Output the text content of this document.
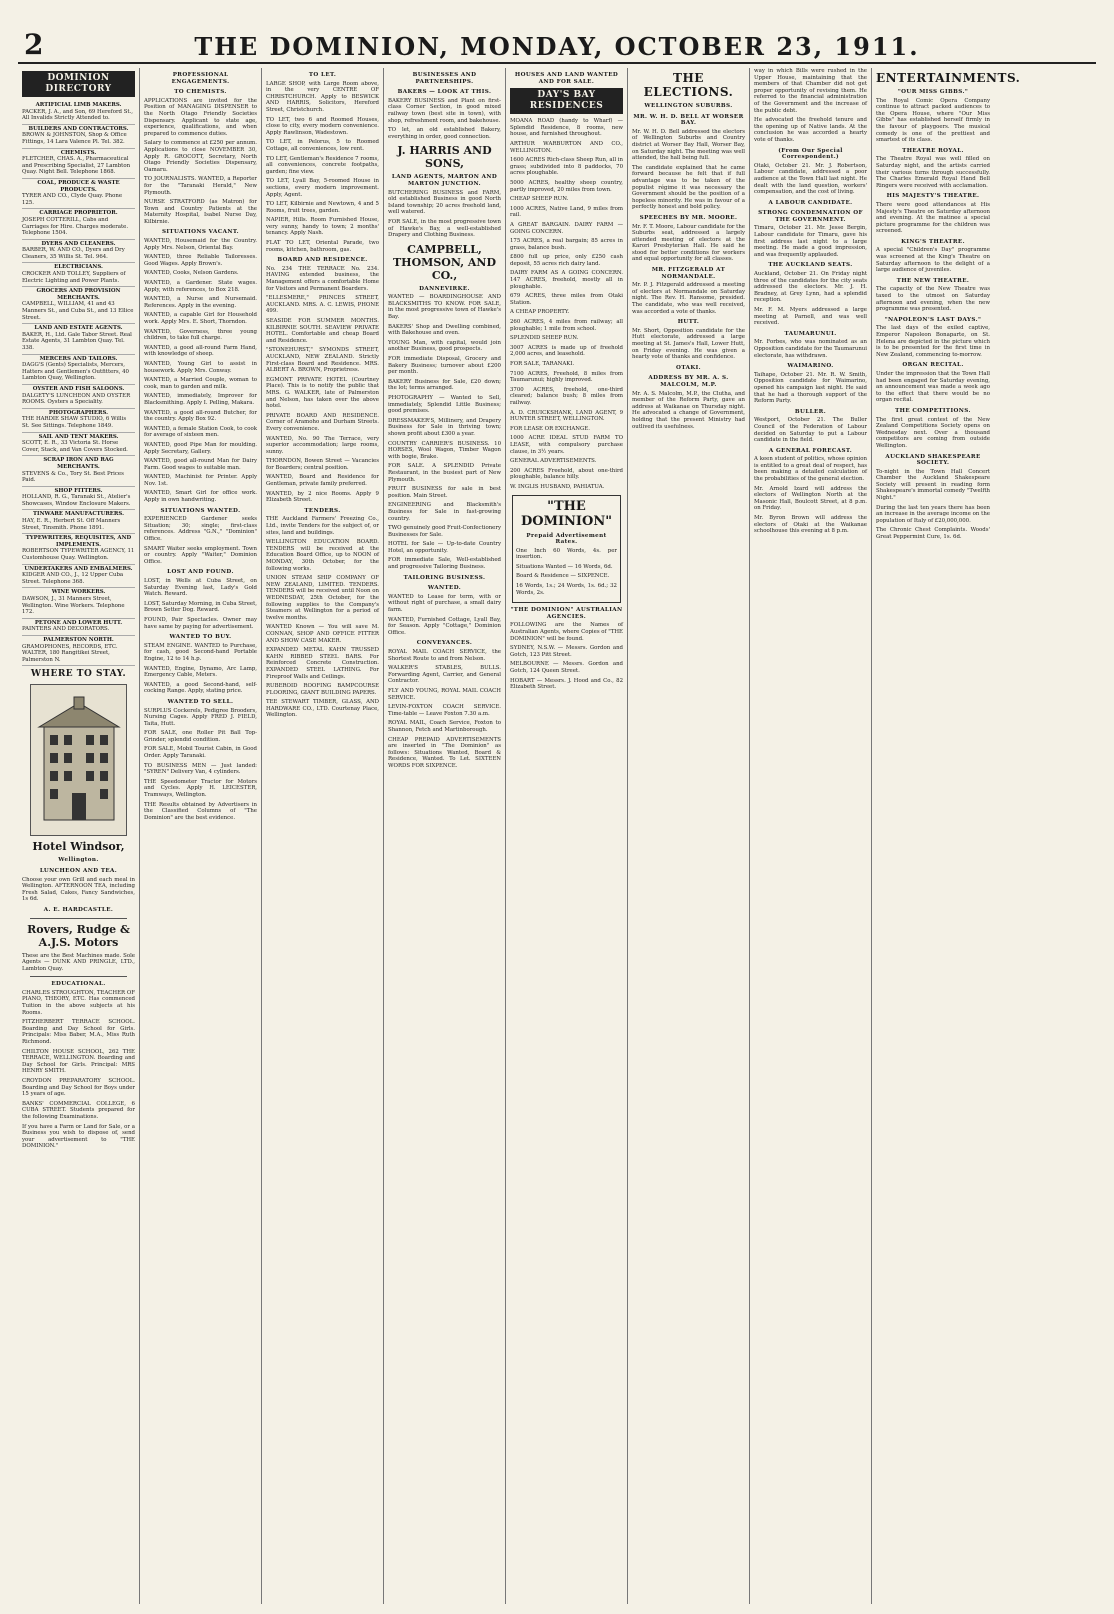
2	THE DOMINION, MONDAY, OCTOBER 23, 1911.
DOMINION DIRECTORY
ARTIFICIAL LIMB MAKERS.
PACKER, J. A., and Son, 69 Hereford St., All Invalids Strictly Attended to.
BUILDERS AND CONTRACTORS.
BROWN & JOHNSTON, Shop & Office Fittings, 14 Lara Valence Pl. Tel. 382.
CHEMISTS.
FLETCHER, CHAS. A., Pharmaceutical and Prescribing Specialist, 27 Lambton Quay. Night Bell. Telephone 1868.
COAL, PRODUCE & WASTE PRODUCTS.
TYRER AND CO., Clyde Quay. Phone 125.
CARRIAGE PROPRIETOR.
JOSEPH COTTERILL, Cabs and Carriages for Hire. Charges moderate. Telephone 1504.
DYERS AND CLEANERS.
BARBER, W. AND CO., Dyers and Dry Cleaners, 35 Willis St. Tel. 964.
ELECTRICIANS.
CROCKER AND TOLLEY, Suppliers of Electric Lighting and Power Plants.
GROCERS AND PROVISION MERCHANTS.
CAMPBELL, WILLIAM, 41 and 43 Manners St., and Cuba St., and 13 Ellice Street.
LAND AND ESTATE AGENTS.
BAKER, H., Ltd. Gale Tabor Street. Real Estate Agents, 31 Lambton Quay. Tel. 338.
MERCERS AND TAILORS.
DAGG'S (Gents) Specialists, Mercers, Hatters and Gentlemen's Outfitters, 40 Lambton Quay, Wellington.
OYSTER AND FISH SALOONS.
DALGETY'S LUNCHEON AND OYSTER ROOMS. Oysters a Speciality.
PHOTOGRAPHERS.
THE HARDIE SHAW STUDIO, 6 Willis St. See Sittings. Telephone 1849.
SAIL AND TENT MAKERS.
SCOTT, E. R., 33 Victoria St. Horse Cover, Stack, and Van Covers Stocked.
SCRAP IRON AND RAG MERCHANTS.
STEVENS & Co., Tory St. Best Prices Paid.
SHOP FITTERS.
HOLLAND, R. G., Taranaki St., Atelier's Showcases, Window Enclosure Makers.
TINWARE MANUFACTURERS.
HAY, E. R., Herbert St. Off Manners Street, Tinsmith. Phone 1891.
TYPEWRITERS, REQUISITES, AND IMPLEMENTS.
ROBERTSON TYPEWRITER AGENCY, 11 Customhouse Quay. Wellington.
UNDERTAKERS AND EMBALMERS.
KIDGER AND CO., J., 12 Upper Cuba Street. Telephone 368.
WINE WORKERS.
DAWSON, J., 31 Manners Street, Wellington. Wine Workers. Telephone 172.
PETONE AND LOWER HUTT.
PAINTERS AND DECORATORS.
PALMERSTON NORTH.
GRAMOPHONES, RECORDS, ETC. WALTER, 180 Rangitikei Street, Palmerston N.
WHERE TO STAY.
Hotel Windsor,
Wellington.
LUNCHEON AND TEA.
Choose your own Grill and each meal in Wellington. AFTERNOON TEA, including Fresh Salad, Cakes, Fancy Sandwiches, 1s 6d.
A. E. HARDCASTLE.
Rovers, Rudge & A.J.S. Motors
These are the Best Machines made. Sole Agents — DUNK AND PRINGLE, LTD., Lambton Quay.
EDUCATIONAL.
CHARLES STROUGHTON, TEACHER OF PIANO, THEORY, ETC. Has commenced Tuition in the above subjects at his Rooms.
FITZHERBERT TERRACE SCHOOL. Boarding and Day School for Girls. Principals: Miss Baber, M.A., Miss Ruth Richmond.
CHILTON HOUSE SCHOOL, 262 THE TERRACE, WELLINGTON. Boarding and Day School for Girls. Principal: MRS HENRY SMITH.
CROYDON PREPARATORY SCHOOL. Boarding and Day School for Boys under 15 years of age.
BANKS' COMMERCIAL COLLEGE, 6 CUBA STREET. Students prepared for the following Examinations.
If you have a Farm or Land for Sale, or a Business you wish to dispose of, send your advertisement to "THE DOMINION."
PROFESSIONAL ENGAGEMENTS.
TO CHEMISTS.
APPLICATIONS are invited for the Position of MANAGING DISPENSER to the North Otago Friendly Societies Dispensary. Applicant to state age, experience, qualifications, and when prepared to commence duties.
Salary to commence at £250 per annum. Applications to close NOVEMBER 30, Apply R. GROCOTT, Secretary, North Otago Friendly Societies Dispensary, Oamaru.
TO JOURNALISTS. WANTED, a Reporter for the "Taranaki Herald," New Plymouth.
NURSE STRATFORD (as Matron) for Town and Country Patients at the Maternity Hospital, Isabel Nurse Day, Kilbirnie.
SITUATIONS VACANT.
WANTED, Housemaid for the Country. Apply Mrs. Nelson, Oriental Bay.
WANTED, three Reliable Tailoresses. Good Wages. Apply Brown's.
WANTED, Cooks, Nelson Gardens.
WANTED, a Gardener. State wages. Apply, with references, to Box 218.
WANTED, a Nurse and Nursemaid. References. Apply in the evening.
WANTED, a capable Girl for Household work. Apply Mrs. E. Short, Thorndon.
WANTED, Governess, three young children, to take full charge.
WANTED, a good all-round Farm Hand, with knowledge of sheep.
WANTED, Young Girl to assist in housework. Apply Mrs. Conway.
WANTED, a Married Couple, woman to cook, man to garden and milk.
WANTED, immediately, Improver for Blacksmithing. Apply I. Pelling, Makara.
WANTED, a good all-round Butcher, for the country. Apply Box 92.
WANTED, a female Station Cook, to cook for average of sixteen men.
WANTED, good Pipe Man for moulding. Apply Secretary, Gallery.
WANTED, good all-round Man for Dairy Farm. Good wages to suitable man.
WANTED, Machinist for Printer. Apply Nov. 1st.
WANTED, Smart Girl for office work. Apply in own handwriting.
SITUATIONS WANTED.
EXPERIENCED Gardener seeks Situation; 30; single; first-class references. Address "G.N.," "Dominion" Office.
SMART Waiter seeks employment. Town or country. Apply "Waiter," Dominion Office.
LOST AND FOUND.
LOST, in Wells at Cuba Street, on Saturday Evening last, Lady's Gold Watch. Reward.
LOST, Saturday Morning, in Cuba Street, Brown Setter Dog. Reward.
FOUND, Pair Spectacles. Owner may have same by paying for advertisement.
WANTED TO BUY.
STEAM ENGINE. WANTED to Purchase, for cash, good Second-hand Portable Engine, 12 to 14 h.p.
WANTED, Engine, Dynamo, Arc Lamp, Emergency Cable, Meters.
WANTED, a good Second-hand, self-cocking Range. Apply, stating price.
WANTED TO SELL.
SURPLUS Cockerels, Pedigree Brooders, Nursing Cages. Apply FRED J. FIELD, Taita, Hutt.
FOR SALE, one Roller Pit Ball Top-Grinder, splendid condition.
FOR SALE, Mobil Tourist Cabin, in Good Order. Apply Taranaki.
TO BUSINESS MEN — Just landed: "SYREN" Delivery Van, 4 cylinders.
THE Speedometer Tractor for Motors and Cycles. Apply H. LEICESTER, Tramways, Wellington.
THE Results obtained by Advertisers in the Classified Columns of "The Dominion" are the best evidence.
TO LET.
LARGE SHOP, with Large Room above, in the very CENTRE OF CHRISTCHURCH. Apply to BESWICK AND HARRIS, Solicitors, Hereford Street, Christchurch.
TO LET, two 6 and Roomed Houses, close to city, every modern convenience. Apply Rawlinson, Wadestown.
TO LET, in Pelorus, 5 to Roomed Cottage, all conveniences, low rent.
TO LET, Gentleman's Residence 7 rooms, all conveniences, concrete footpaths, garden; fine view.
TO LET, Lyall Bay, 5-roomed House in sections, every modern improvement. Apply, Agent.
TO LET, Kilbirnie and Newtown, 4 and 5 Rooms, fruit trees, garden.
NAPIER, Hills. Room Furnished House, very sunny, handy to town; 2 months' tenancy. Apply Nash.
FLAT TO LET, Oriental Parade, two rooms, kitchen, bathroom, gas.
BOARD AND RESIDENCE.
No. 234 THE TERRACE No. 234. HAVING extended business, the Management offers a comfortable Home for Visitors and Permanent Boarders.
"ELLESMERE," PRINCES STREET, AUCKLAND. MRS. A. C. LEWIS, PHONE 499.
SEASIDE FOR SUMMER MONTHS. KILBIRNIE SOUTH. SEAVIEW PRIVATE HOTEL. Comfortable and cheap Board and Residence.
"STONEHURST," SYMONDS STREET, AUCKLAND, NEW ZEALAND. Strictly First-class Board and Residence. MRS. ALBERT A. BROWN, Proprietress.
EGMONT PRIVATE HOTEL (Courtney Place). This is to notify the public that MRS. G. WALKER, late of Palmerston and Nelson, has taken over the above hotel.
PRIVATE BOARD AND RESIDENCE. Corner of Aramoho and Durham Streets. Every convenience.
WANTED, No. 90 The Terrace, very superior accommodation; large rooms, sunny.
THORNDON, Bowen Street — Vacancies for Boarders; central position.
WANTED, Board and Residence for Gentleman, private family preferred.
WANTED, by 2 nice Rooms. Apply 9 Elizabeth Street.
TENDERS.
THE Auckland Farmers' Freezing Co., Ltd., invite Tenders for the subject of, or sites, land and buildings.
WELLINGTON EDUCATION BOARD. TENDERS will be received at the Education Board Office, up to NOON of MONDAY, 30th October, for the following works.
UNION STEAM SHIP COMPANY OF NEW ZEALAND, LIMITED. TENDERS. TENDERS will be received until Noon on WEDNESDAY, 25th October, for the following supplies to the Company's Steamers at Wellington for a period of twelve months.
WANTED Known — You will save M. CONNAN, SHOP AND OFFICE FITTER AND SHOW CASE MAKER.
EXPANDED METAL KAHN TRUSSED KAHN RIBBED STEEL BARS. For Reinforced Concrete Construction. EXPANDED STEEL LATHING. For Fireproof Walls and Ceilings.
RUBEROID ROOFING BAMPCOURSE FLOORING, GIANT BUILDING PAPERS.
TEE STEWART TIMBER, GLASS, AND HARDWARE CO., LTD. Courtenay Place, Wellington.
BUSINESSES AND PARTNERSHIPS.
BAKERS — LOOK AT THIS.
BAKERY BUSINESS and Plant on first-class Corner Section, in good mixed railway town (best site in town), with shop, refreshment room, and bakehouse.
TO let, an old established Bakery, everything in order, good connection.
J. HARRIS AND SONS,
LAND AGENTS, MARTON AND MARTON JUNCTION.
BUTCHERING BUSINESS and FARM, old established Business in good North Island township; 20 acres freehold land, well watered.
FOR SALE, in the most progressive town of Hawke's Bay, a well-established Drapery and Clothing Business.
CAMPBELL, THOMSON, AND CO.,
DANNEVIRKE.
WANTED — BOARDINGHOUSE AND BLACKSMITHS TO KNOW. FOR SALE, in the most progressive town of Hawke's Bay.
BAKERS' Shop and Dwelling combined, with Bakehouse and oven.
YOUNG Man, with capital, would join another Business, good prospects.
FOR immediate Disposal, Grocery and Bakery Business; turnover about £200 per month.
BAKERY Business for Sale, £20 down; the lot; terms arranged.
PHOTOGRAPHY — Wanted to Sell, immediately, Splendid Little Business; good premises.
DRESSMAKER'S, Millinery, and Drapery Business for Sale in thriving town; shown profit about £300 a year.
COUNTRY CARRIER'S BUSINESS. 10 HORSES, Wool Wagon, Timber Wagon with bogie, Brake.
FOR SALE. A SPLENDID Private Restaurant, in the busiest part of New Plymouth.
FRUIT BUSINESS for sale in best position. Main Street.
ENGINEERING and Blacksmith's Business for Sale in fast-growing country.
TWO genuinely good Fruit-Confectionery Businesses for Sale.
HOTEL for Sale — Up-to-date Country Hotel, an opportunity.
FOR immediate Sale, Well-established and progressive Tailoring Business.
TAILORING BUSINESS.
WANTED.
WANTED to Lease for term, with or without right of purchase, a small dairy farm.
WANTED, Furnished Cottage, Lyall Bay, for Season. Apply "Cottage," Dominion Office.
CONVEYANCES.
ROYAL MAIL COACH SERVICE, the Shortest Route to and from Nelson.
WALKER'S STABLES, BULLS. Forwarding Agent, Carrier, and General Contractor.
FLY AND YOUNG, ROYAL MAIL COACH SERVICE.
LEVIN-FOXTON COACH SERVICE. Time-table — Leave Foxton 7.30 a.m.
ROYAL MAIL, Coach Service, Foxton to Shannon, Fetch and Martinborough.
CHEAP PREPAID ADVERTISEMENTS are inserted in "The Dominion" as follows: Situations Wanted, Board & Residence, Wanted. To Let. SIXTEEN WORDS FOR SIXPENCE.
HOUSES AND LAND WANTED AND FOR SALE.
DAY'S BAY RESIDENCES
MOANA ROAD (handy to Wharf) — Splendid Residence, 8 rooms, new house, and furnished throughout.
ARTHUR WARBURTON AND CO., WELLINGTON.
1600 ACRES Rich-class Sheep Run, all in grass; subdivided into 8 paddocks, 70 acres ploughable.
5000 ACRES, healthy sheep country, partly improved, 20 miles from town.
CHEAP SHEEP RUN.
1000 ACRES, Native Land, 9 miles from rail.
A GREAT BARGAIN. DAIRY FARM — GOING CONCERN.
175 ACRES, a real bargain; 85 acres in grass, balance bush.
£800 full up price, only £250 cash deposit, 55 acres rich dairy land.
DAIRY FARM AS A GOING CONCERN. 147 ACRES, freehold, mostly all in ploughable.
679 ACRES, three miles from Otaki Station.
A CHEAP PROPERTY.
260 ACRES, 4 miles from railway; all ploughable; 1 mile from school.
SPLENDID SHEEP RUN.
3007 ACRES is made up of freehold 2,000 acres, and leasehold.
FOR SALE, TARANAKI.
7100 ACRES, Freehold, 8 miles from Taumarunui; highly improved.
3700 ACRES, freehold, one-third cleared; balance bush; 8 miles from railway.
A. D. CRUICKSHANK, LAND AGENT, 9 HUNTER STREET, WELLINGTON.
FOR LEASE OR EXCHANGE.
1000 ACRE IDEAL STUD FARM TO LEASE, with compulsory purchase clause, in 3½ years.
GENERAL ADVERTISEMENTS.
200 ACRES Freehold, about one-third ploughable, balance hilly.
W. INGLIS HUSBAND, PAHIATUA.
"THE DOMINION"
Prepaid Advertisement Rates.
One Inch 60 Words, 4s. per insertion.
Situations Wanted — 16 Words, 6d.
Board & Residence — SIXPENCE.
16 Words, 1s.; 24 Words, 1s. 6d.; 32 Words, 2s.
"THE DOMINION" AUSTRALIAN AGENCIES.
FOLLOWING are the Names of Australian Agents, where Copies of "THE DOMINION" will be found.
SYDNEY, N.S.W. — Messrs. Gordon and Gotch, 123 Pitt Street.
MELBOURNE — Messrs. Gordon and Gotch, 124 Queen Street.
HOBART — Messrs. J. Hood and Co., 82 Elizabeth Street.
THE ELECTIONS.
WELLINGTON SUBURBS.
MR. W. H. D. BELL AT WORSER BAY.
Mr. W. H. D. Bell addressed the electors of Wellington Suburbs and Country district at Worser Bay Hall, Worser Bay, on Saturday night. The meeting was well attended, the hall being full.
The candidate explained that he came forward because he felt that if full advantage was to be taken of the populist régime it was necessary the Government should be the position of a hopeless minority. He was in favour of a perfectly honest and bold policy.
SPEECHES BY MR. MOORE.
Mr. F. T. Moore, Labour candidate for the Suburbs seat, addressed a largely attended meeting of electors at the Karori Presbyterian Hall. He said he stood for better conditions for workers and equal opportunity for all classes.
MR. FITZGERALD AT NORMANDALE.
Mr. P. J. Fitzgerald addressed a meeting of electors at Normandale on Saturday night. The Rev. H. Ransome, presided. The candidate, who was well received, was accorded a vote of thanks.
HUTT.
Mr. Short, Opposition candidate for the Hutt electorate, addressed a large meeting at St. James's Hall, Lower Hutt, on Friday evening. He was given a hearty vote of thanks and confidence.
OTAKI.
ADDRESS BY MR. A. S. MALCOLM, M.P.
Mr. A. S. Malcolm, M.P., the Clutha, and member of the Reform Party, gave an address at Waikanae on Thursday night. He advocated a change of Government, holding that the present Ministry had outlived its usefulness.
way in which Bills were rushed in the Upper House, maintaining that the members of that Chamber did not get proper opportunity of revising them. He referred to the financial administration of the Government and the increase of the public debt.
He advocated the freehold tenure and the opening up of Native lands. At the conclusion he was accorded a hearty vote of thanks.
(From Our Special Correspondent.)
Otaki, October 21. Mr. J. Robertson, Labour candidate, addressed a poor audience at the Town Hall last night. He dealt with the land question, workers' compensation, and the cost of living.
A LABOUR CANDIDATE.
STRONG CONDEMNATION OF THE GOVERNMENT.
Timaru, October 21. Mr. Jesse Bergin, Labour candidate for Timaru, gave his first address last night to a large meeting. He made a good impression, and was frequently applauded.
THE AUCKLAND SEATS.
Auckland, October 21. On Friday night three of the candidates for the city seats addressed the electors. Mr. J. H. Bradney, at Grey Lynn, had a splendid reception.
Mr. F. M. Myers addressed a large meeting at Parnell, and was well received.
TAUMARUNUI.
Mr. Forbes, who was nominated as an Opposition candidate for the Taumarunui electorate, has withdrawn.
WAIMARINO.
Taihape, October 21. Mr. R. W. Smith, Opposition candidate for Waimarino, opened his campaign last night. He said that he had a thorough support of the Reform Party.
BULLER.
Westport, October 21. The Buller Council of the Federation of Labour decided on Saturday to put a Labour candidate in the field.
A GENERAL FORECAST.
A keen student of politics, whose opinion is entitled to a great deal of respect, has been making a detailed calculation of the probabilities of the general election.
Mr. Arnold Izard will address the electors of Wellington North at the Masonic Hall, Boulcott Street, at 8 p.m. on Friday.
Mr. Byron Brown will address the electors of Otaki at the Waikanae schoolhouse this evening at 8 p.m.
ENTERTAINMENTS.
"OUR MISS GIBBS."
The Royal Comic Opera Company continue to attract packed audiences to the Opera House, where "Our Miss Gibbs" has established herself firmly in the favour of playgoers. The musical comedy is one of the prettiest and smartest of its class.
THEATRE ROYAL.
The Theatre Royal was well filled on Saturday night, and the artists carried their various turns through successfully. The Charles Emerald Royal Hand Bell Ringers were received with acclamation.
HIS MAJESTY'S THEATRE.
There were good attendances at His Majesty's Theatre on Saturday afternoon and evening. At the matinee a special picture programme for the children was screened.
KING'S THEATRE.
A special "Children's Day" programme was screened at the King's Theatre on Saturday afternoon to the delight of a large audience of juveniles.
THE NEW THEATRE.
The capacity of the New Theatre was taxed to the utmost on Saturday afternoon and evening, when the new programme was presented.
"NAPOLEON'S LAST DAYS."
The last days of the exiled captive, Emperor Napoleon Bonaparte, on St. Helena are depicted in the picture which is to be presented for the first time in New Zealand, commencing to-morrow.
ORGAN RECITAL.
Under the impression that the Town Hall had been engaged for Saturday evening, an announcement was made a week ago to the effect that there would be no organ recital.
THE COMPETITIONS.
The first great contest of the New Zealand Competitions Society opens on Wednesday next. Over a thousand competitors are coming from outside Wellington.
AUCKLAND SHAKESPEARE SOCIETY.
To-night in the Town Hall Concert Chamber the Auckland Shakespeare Society will present in reading form Shakespeare's immortal comedy "Twelfth Night."
During the last ten years there has been an increase in the average income on the population of Italy of £20,000,000.
The Chronic Chest Complaints. Woods' Great Peppermint Cure, 1s. 6d.
